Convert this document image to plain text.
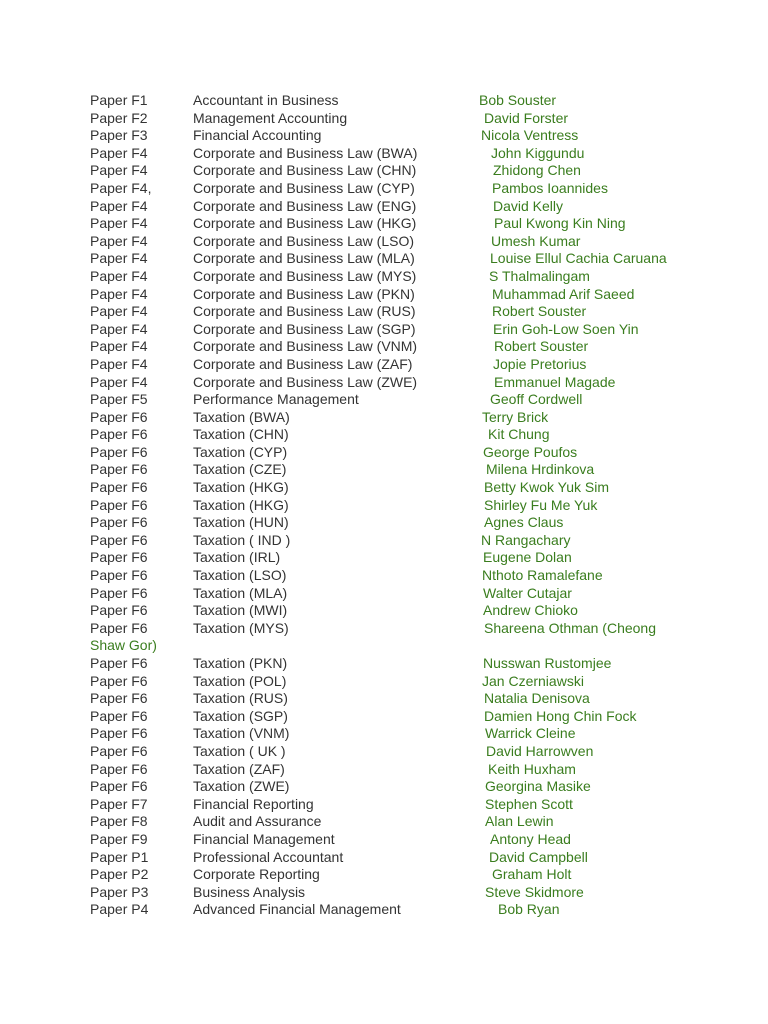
Paper F1	Accountant in Business	Bob Souster
Paper F2	Management Accounting	David Forster
Paper F3	Financial Accounting	Nicola Ventress
Paper F4	Corporate and Business Law (BWA)	John Kiggundu
Paper F4	Corporate and Business Law (CHN)	Zhidong Chen
Paper F4,	Corporate and Business Law (CYP)	Pambos Ioannides
Paper F4	Corporate and Business Law (ENG)	David Kelly
Paper F4	Corporate and Business Law (HKG)	Paul Kwong Kin Ning
Paper F4	Corporate and Business Law (LSO)	Umesh Kumar
Paper F4	Corporate and Business Law (MLA)	Louise Ellul Cachia Caruana
Paper F4	Corporate and Business Law (MYS)	S Thalmalingam
Paper F4	Corporate and Business Law (PKN)	Muhammad Arif Saeed
Paper F4	Corporate and Business Law (RUS)	Robert Souster
Paper F4	Corporate and Business Law (SGP)	Erin Goh-Low Soen Yin
Paper F4	Corporate and Business Law (VNM)	Robert Souster
Paper F4	Corporate and Business Law (ZAF)	Jopie Pretorius
Paper F4	Corporate and Business Law (ZWE)	Emmanuel Magade
Paper F5	Performance Management	Geoff Cordwell
Paper F6	Taxation (BWA)	Terry Brick
Paper F6	Taxation (CHN)	Kit Chung
Paper F6	Taxation (CYP)	George Poufos
Paper F6	Taxation (CZE)	Milena Hrdinkova
Paper F6	Taxation (HKG)	Betty Kwok Yuk Sim
Paper F6	Taxation (HKG)	Shirley Fu Me Yuk
Paper F6	Taxation (HUN)	Agnes Claus
Paper F6	Taxation ( IND )	N Rangachary
Paper F6	Taxation (IRL)	Eugene Dolan
Paper F6	Taxation (LSO)	Nthoto Ramalefane
Paper F6	Taxation (MLA)	Walter Cutajar
Paper F6	Taxation (MWI)	Andrew Chioko
Paper F6	Taxation (MYS)	Shareena Othman (Cheong
Shaw Gor)
Paper F6	Taxation (PKN)	Nusswan Rustomjee
Paper F6	Taxation (POL)	Jan Czerniawski
Paper F6	Taxation (RUS)	Natalia Denisova
Paper F6	Taxation (SGP)	Damien Hong Chin Fock
Paper F6	Taxation (VNM)	Warrick Cleine
Paper F6	Taxation ( UK )	David Harrowven
Paper F6	Taxation (ZAF)	Keith Huxham
Paper F6	Taxation (ZWE)	Georgina Masike
Paper F7	Financial Reporting	Stephen Scott
Paper F8	Audit and Assurance	Alan Lewin
Paper F9	Financial Management	Antony Head
Paper P1	Professional Accountant	David Campbell
Paper P2	Corporate Reporting	Graham Holt
Paper P3	Business Analysis	Steve Skidmore
Paper P4	Advanced Financial Management	Bob Ryan
